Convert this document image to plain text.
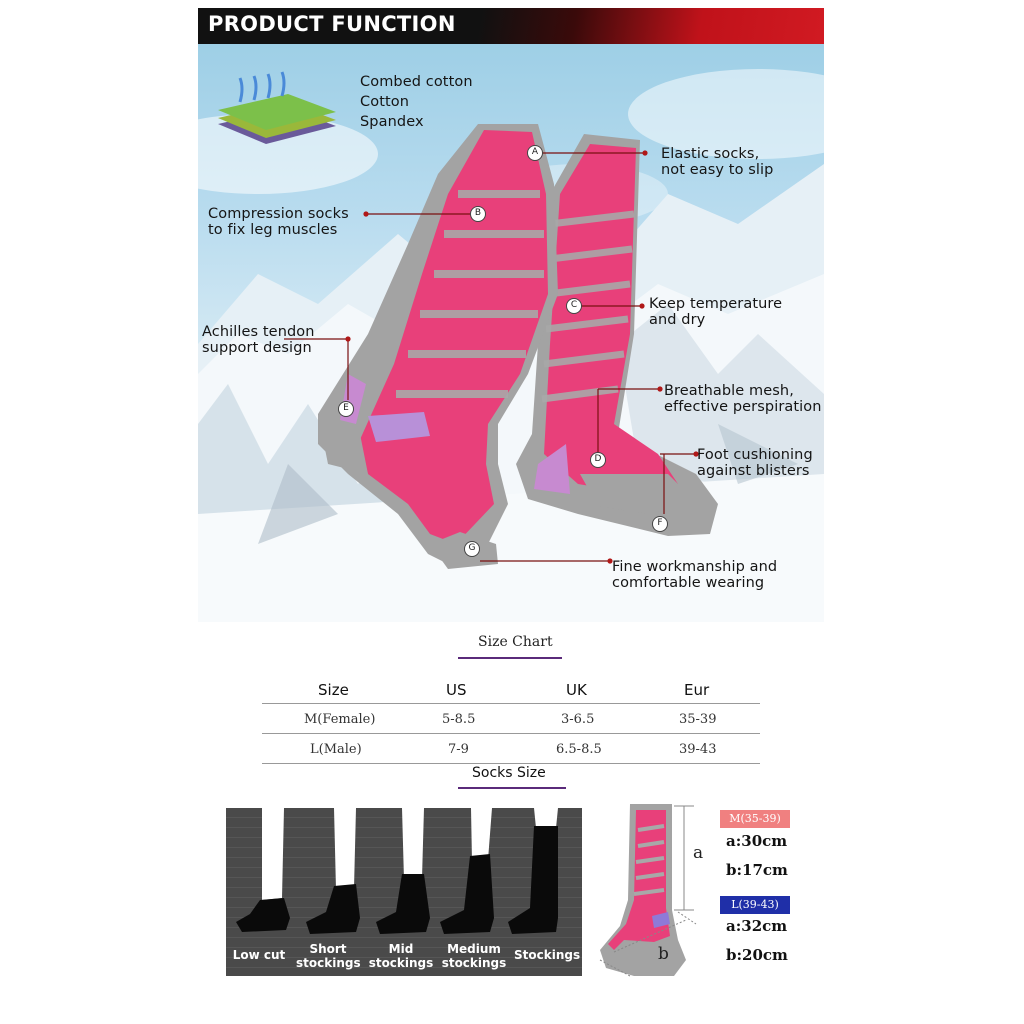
PRODUCT FUNCTION
Combed cotton
Cotton
Spandex
A
B
C
D
E
F
G
Elastic socks,
not easy to slip
Compression socks
to fix leg muscles
Keep temperature
and dry
Breathable mesh,
effective perspiration
Achilles tendon
support design
Foot cushioning
against blisters
Fine workmanship and
comfortable wearing
Size Chart
Size	US	UK	Eur
M(Female)	5-8.5	3-6.5	35-39
L(Male)	7-9	6.5-8.5	39-43
Socks Size
Low cut	Short
stockings
Mid
stockings
Medium
stockings
Stockings
a
b
M(35-39)
a:30cm
b:17cm
L(39-43)
a:32cm
b:20cm
